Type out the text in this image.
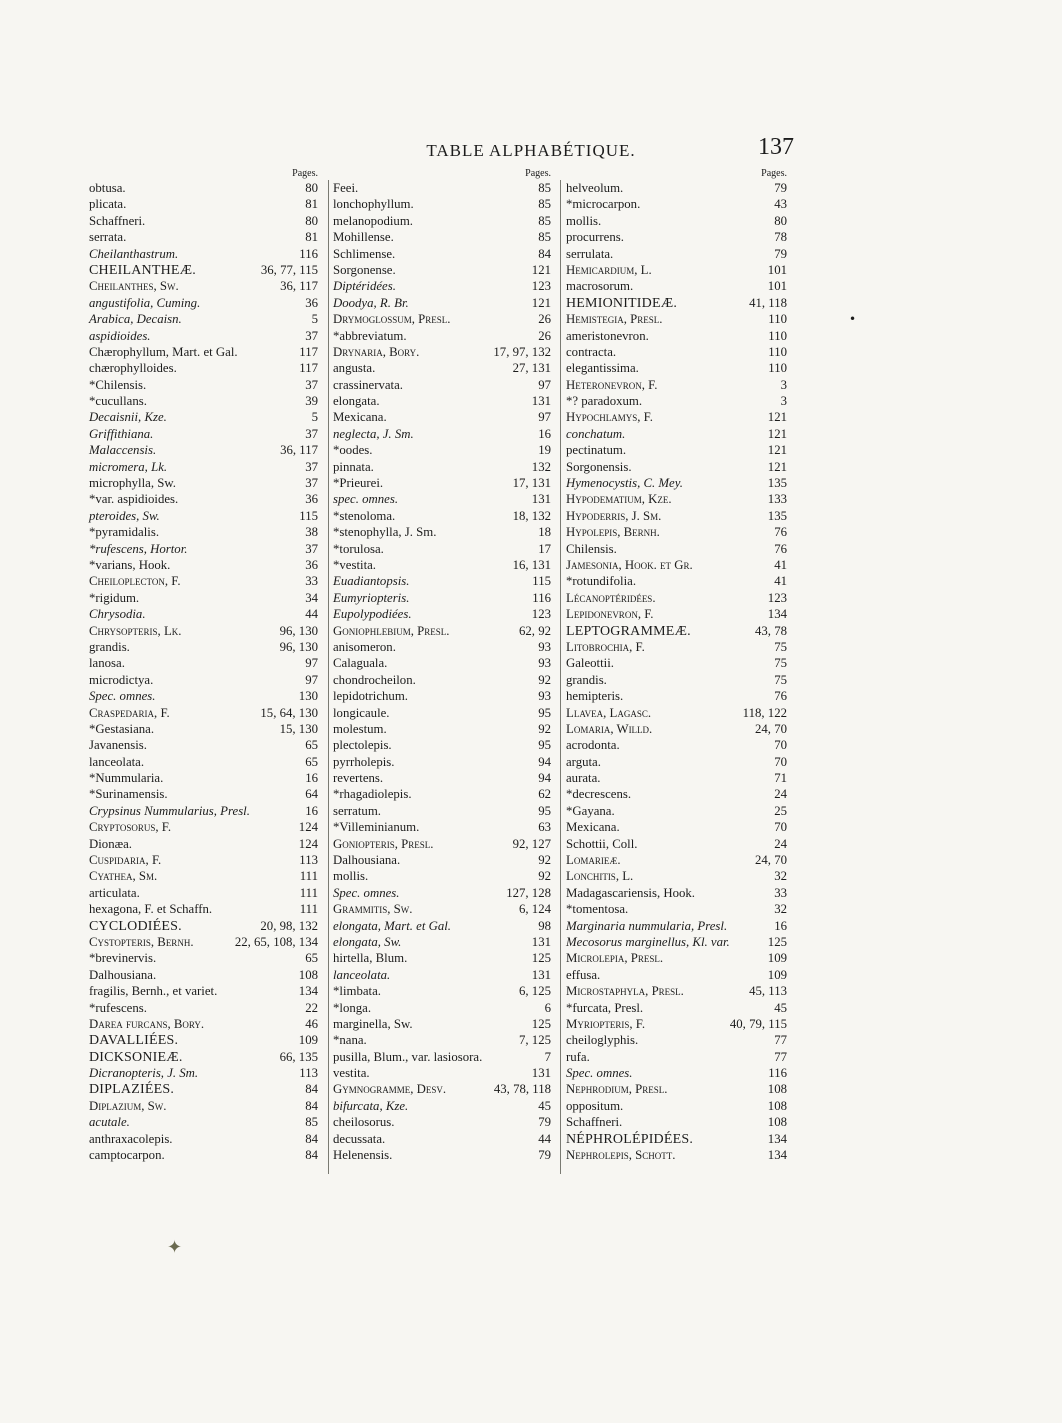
TABLE ALPHABÉTIQUE.	137
Pages.
obtusa.	80
plicata.	81
Schaffneri.	80
serrata.	81
Cheilanthastrum.	116
CHEILANTHEÆ.	36, 77, 115
Cheilanthes, Sw.	36, 117
angustifolia, Cuming.	36
Arabica, Decaisn.	5
aspidioides.	37
Chærophyllum, Mart. et Gal.	117
chærophylloides.	117
*Chilensis.	37
*cucullans.	39
Decaisnii, Kze.	5
Griffithiana.	37
Malaccensis.	36, 117
micromera, Lk.	37
microphylla, Sw.	37
*var. aspidioides.	36
pteroides, Sw.	115
*pyramidalis.	38
*rufescens, Hortor.	37
*varians, Hook.	36
Cheiloplecton, F.	33
*rigidum.	34
Chrysodia.	44
Chrysopteris, Lk.	96, 130
grandis.	96, 130
lanosa.	97
microdictya.	97
Spec. omnes.	130
Craspedaria, F.	15, 64, 130
*Gestasiana.	15, 130
Javanensis.	65
lanceolata.	65
*Nummularia.	16
*Surinamensis.	64
Crypsinus Nummularius, Presl.	16
Cryptosorus, F.	124
Dionæa.	124
Cuspidaria, F.	113
Cyathea, Sm.	111
articulata.	111
hexagona, F. et Schaffn.	111
CYCLODIÉES.	20, 98, 132
Cystopteris, Bernh.	22, 65, 108, 134
*brevinervis.	65
Dalhousiana.	108
fragilis, Bernh., et variet.	134
*rufescens.	22
Darea furcans, Bory.	46
DAVALLIÉES.	109
DICKSONIEÆ.	66, 135
Dicranopteris, J. Sm.	113
DIPLAZIÉES.	84
Diplazium, Sw.	84
acutale.	85
anthraxacolepis.	84
camptocarpon.	84
Pages.
Feei.	85
lonchophyllum.	85
melanopodium.	85
Mohillense.	85
Schlimense.	84
Sorgonense.	121
Diptéridées.	123
Doodya, R. Br.	121
Drymoglossum, Presl.	26
*abbreviatum.	26
Drynaria, Bory.	17, 97, 132
angusta.	27, 131
crassinervata.	97
elongata.	131
Mexicana.	97
neglecta, J. Sm.	16
*oodes.	19
pinnata.	132
*Prieurei.	17, 131
spec. omnes.	131
*stenoloma.	18, 132
*stenophylla, J. Sm.	18
*torulosa.	17
*vestita.	16, 131
Euadiantopsis.	115
Eumyriopteris.	116
Eupolypodiées.	123
Goniophlebium, Presl.	62, 92
anisomeron.	93
Calaguala.	93
chondrocheilon.	92
lepidotrichum.	93
longicaule.	95
molestum.	92
plectolepis.	95
pyrrholepis.	94
revertens.	94
*rhagadiolepis.	62
serratum.	95
*Villeminianum.	63
Goniopteris, Presl.	92, 127
Dalhousiana.	92
mollis.	92
Spec. omnes.	127, 128
Grammitis, Sw.	6, 124
elongata, Mart. et Gal.	98
elongata, Sw.	131
hirtella, Blum.	125
lanceolata.	131
*limbata.	6, 125
*longa.	6
marginella, Sw.	125
*nana.	7, 125
pusilla, Blum., var. lasiosora.	7
vestita.	131
Gymnogramme, Desv.	43, 78, 118
bifurcata, Kze.	45
cheilosorus.	79
decussata.	44
Helenensis.	79
Pages.
helveolum.	79
*microcarpon.	43
mollis.	80
procurrens.	78
serrulata.	79
Hemicardium, L.	101
macrosorum.	101
HEMIONITIDEÆ.	41, 118
Hemistegia, Presl.	110
ameristonevron.	110
contracta.	110
elegantissima.	110
Heteronevron, F.	3
*? paradoxum.	3
Hypochlamys, F.	121
conchatum.	121
pectinatum.	121
Sorgonensis.	121
Hymenocystis, C. Mey.	135
Hypodematium, Kze.	133
Hypoderris, J. Sm.	135
Hypolepis, Bernh.	76
Chilensis.	76
Jamesonia, Hook. et Gr.	41
*rotundifolia.	41
Lécanoptéridées.	123
Lepidonevron, F.	134
LEPTOGRAMMEÆ.	43, 78
Litobrochia, F.	75
Galeottii.	75
grandis.	75
hemipteris.	76
Llavea, Lagasc.	118, 122
Lomaria, Willd.	24, 70
acrodonta.	70
arguta.	70
aurata.	71
*decrescens.	24
*Gayana.	25
Mexicana.	70
Schottii, Coll.	24
Lomarieæ.	24, 70
Lonchitis, L.	32
Madagascariensis, Hook.	33
*tomentosa.	32
Marginaria nummularia, Presl.	16
Mecosorus marginellus, Kl. var.	125
Microlepia, Presl.	109
effusa.	109
Microstaphyla, Presl.	45, 113
*furcata, Presl.	45
Myriopteris, F.	40, 79, 115
cheiloglyphis.	77
rufa.	77
Spec. omnes.	116
Nephrodium, Presl.	108
oppositum.	108
Schaffneri.	108
NÉPHROLÉPIDÉES.	134
Nephrolepis, Schott.	134
✦
•
